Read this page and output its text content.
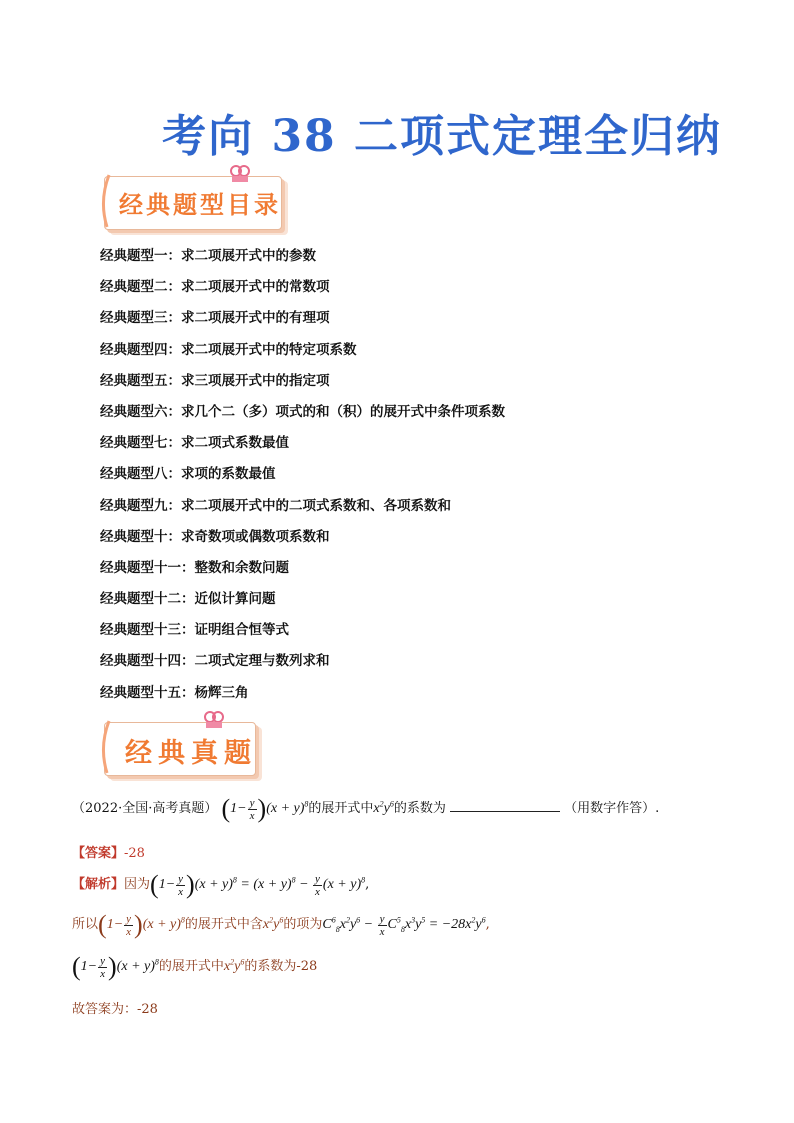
考向 38 二项式定理全归纳
经典题型目录
经典题型一：求二项展开式中的参数
经典题型二：求二项展开式中的常数项
经典题型三：求二项展开式中的有理项
经典题型四：求二项展开式中的特定项系数
经典题型五：求三项展开式中的指定项
经典题型六：求几个二（多）项式的和（积）的展开式中条件项系数
经典题型七：求二项式系数最值
经典题型八：求项的系数最值
经典题型九：求二项展开式中的二项式系数和、各项系数和
经典题型十：求奇数项或偶数项系数和
经典题型十一：整数和余数问题
经典题型十二：近似计算问题
经典题型十三：证明组合恒等式
经典题型十四：二项式定理与数列求和
经典题型十五：杨辉三角
经典真题
（2022·全国·高考真题） $(1- \frac{y}{x} )(x + y)^8$的展开式中$x^2y^6$的系数为	（用数字作答）.
【答案】-28
【解析】因为$(1- \frac{y}{x} )(x + y)^8 = (x + y)^8 - \frac{y}{x} (x + y)^8$,
所以$(1- \frac{y}{x} )(x + y)^8$的展开式中含$x^2y^6$的项为$C^6_8x^2y^6 - \frac{y}{x} C^5_8x^3y^5 = -28x^2y^6$,
$(1- \frac{y}{x} )(x + y)^8$的展开式中$x^2y^6$的系数为-28
故答案为：-28
